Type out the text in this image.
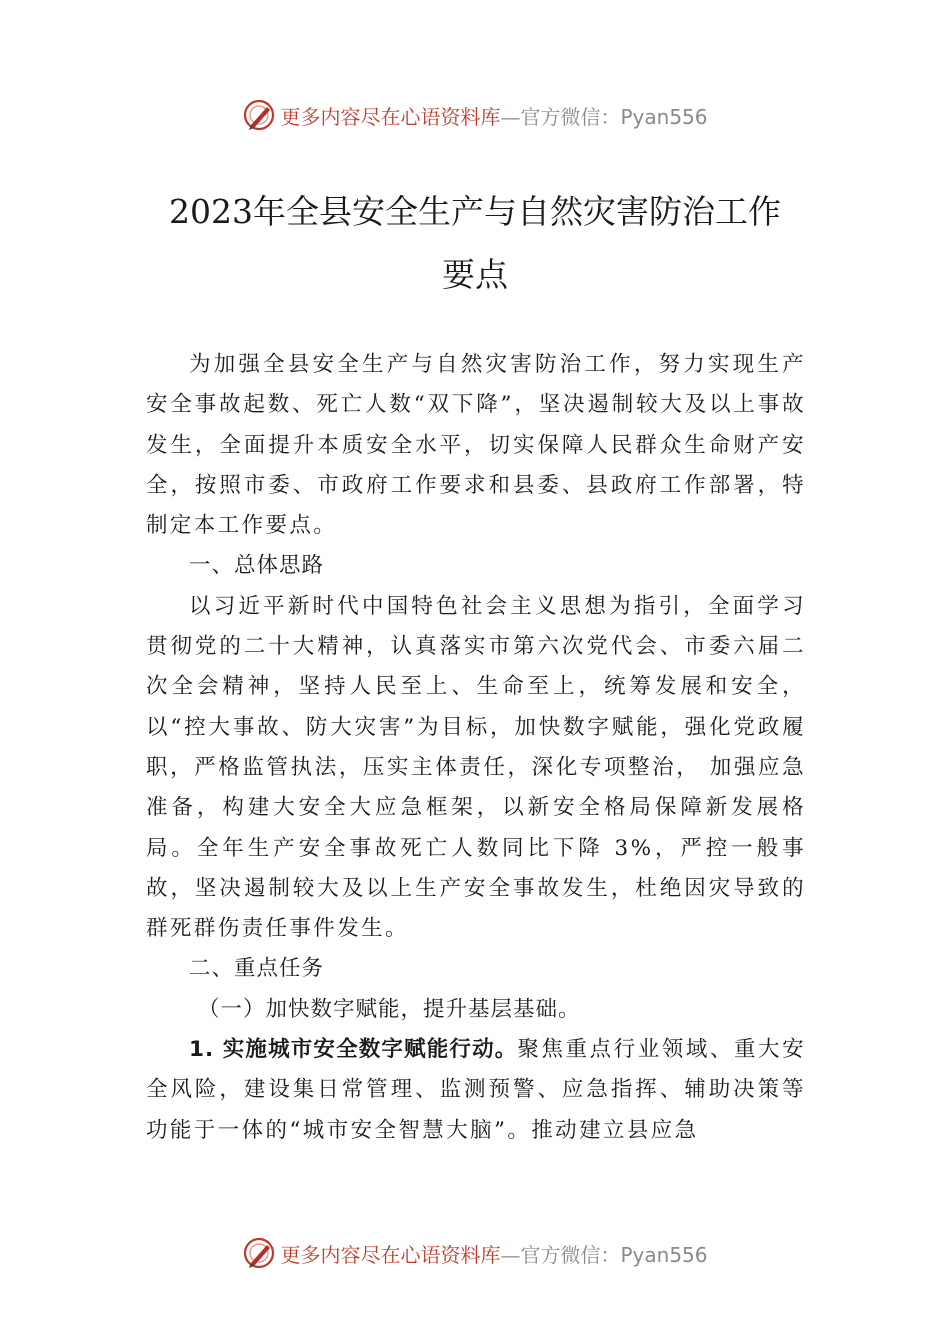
更多内容尽在心语资料库—官方微信：Pyan556
2023年全县安全生产与自然灾害防治工作
要点

为加强全县安全生产与自然灾害防治工作，努力实现生产安全事故起数、死亡人数“双下降”，坚决遏制较大及以上事故发生，全面提升本质安全水平，切实保障人民群众生命财产安全，按照市委、市政府工作要求和县委、县政府工作部署，特制定本工作要点。

一、总体思路

以习近平新时代中国特色社会主义思想为指引，全面学习贯彻党的二十大精神，认真落实市第六次党代会、市委六届二次全会精神，坚持人民至上、生命至上，统筹发展和安全，以“控大事故、防大灾害”为目标，加快数字赋能，强化党政履职，严格监管执法，压实主体责任，深化专项整治， 加强应急准备，构建大安全大应急框架，以新安全格局保障新发展格局。全年生产安全事故死亡人数同比下降 3%，严控一般事故，坚决遏制较大及以上生产安全事故发生，杜绝因灾导致的群死群伤责任事件发生。

二、重点任务

（一）加快数字赋能，提升基层基础。

1. 实施城市安全数字赋能行动。聚焦重点行业领域、重大安全风险，建设集日常管理、监测预警、应急指挥、辅助决策等功能于一体的“城市安全智慧大脑”。推动建立县应急

更多内容尽在心语资料库—官方微信：Pyan556
